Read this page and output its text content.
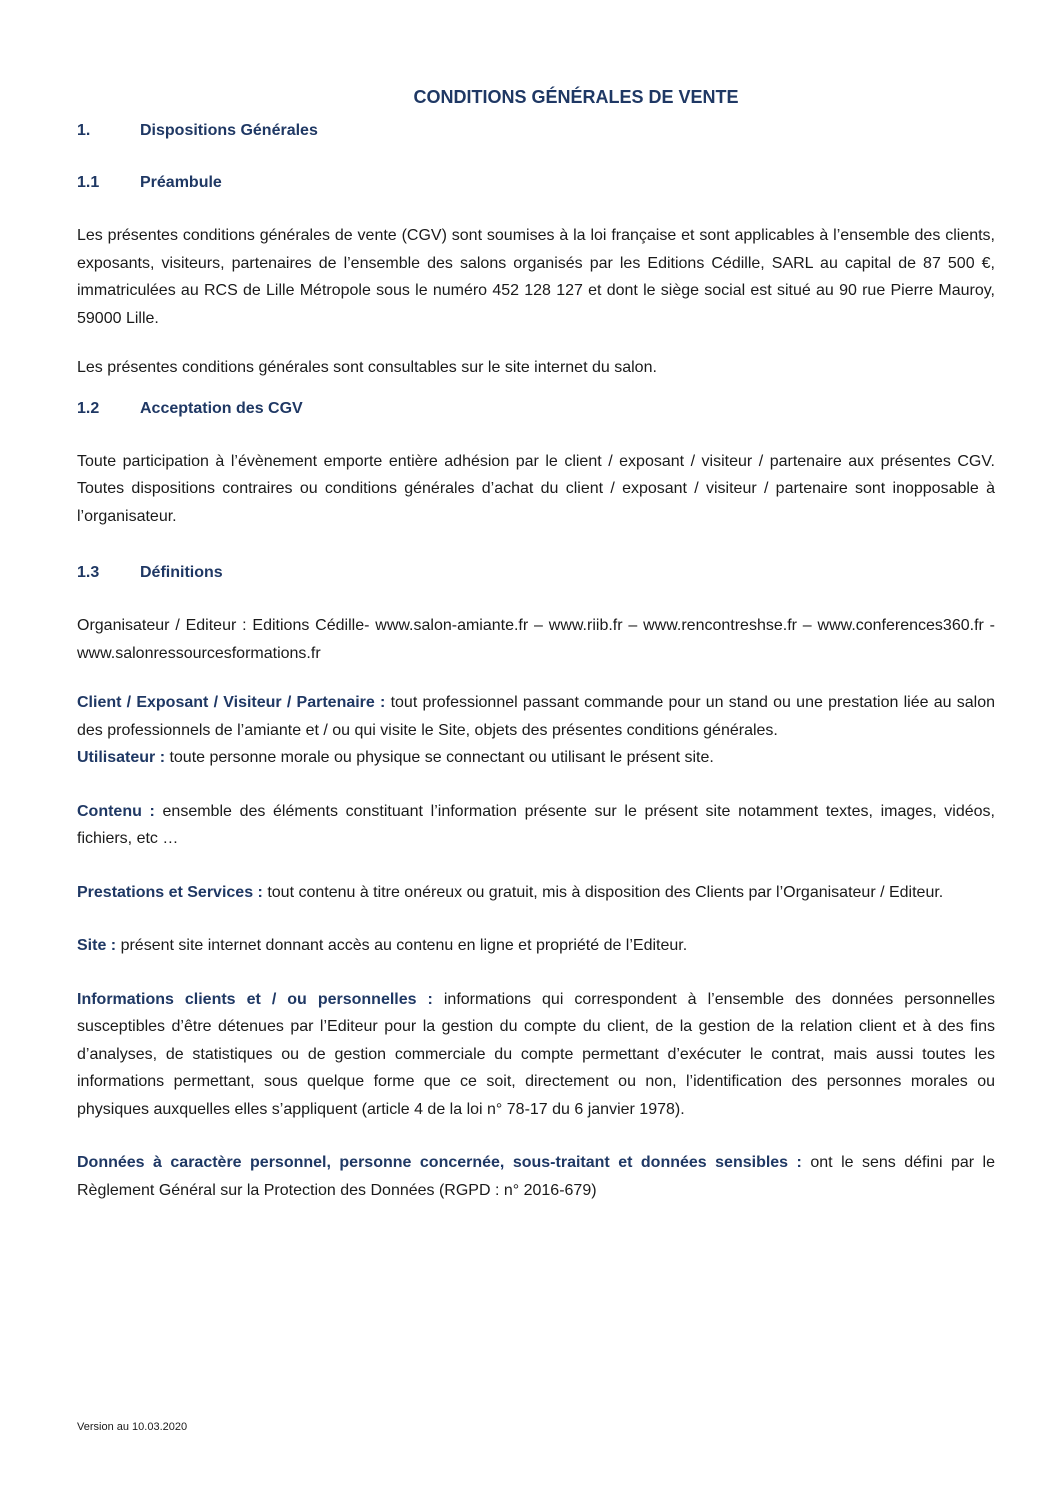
CONDITIONS GÉNÉRALES DE VENTE
1.	Dispositions Générales
1.1	Préambule

Les présentes conditions générales de vente (CGV) sont soumises à la loi française et sont applicables à l’ensemble des clients, exposants, visiteurs, partenaires de l’ensemble des salons organisés par les Editions Cédille, SARL au capital de 87 500 €, immatriculées au RCS de Lille Métropole sous le numéro 452 128 127 et dont le siège social est situé au 90 rue Pierre Mauroy, 59000 Lille.

Les présentes conditions générales sont consultables sur le site internet du salon.

1.2	Acceptation des CGV

Toute participation à l’évènement emporte entière adhésion par le client / exposant / visiteur / partenaire aux présentes CGV. Toutes dispositions contraires ou conditions générales d’achat du client / exposant / visiteur / partenaire sont inopposable à l’organisateur.

1.3	Définitions

Organisateur / Editeur : Editions Cédille- www.salon-amiante.fr – www.riib.fr – www.rencontreshse.fr – www.conferences360.fr - www.salonressourcesformations.fr

Client / Exposant / Visiteur / Partenaire : tout professionnel passant commande pour un stand ou une prestation liée au salon des professionnels de l’amiante et / ou qui visite le Site, objets des présentes conditions générales.

Utilisateur : toute personne morale ou physique se connectant ou utilisant le présent site.

Contenu : ensemble des éléments constituant l’information présente sur le présent site notamment textes, images, vidéos, fichiers, etc …

Prestations et Services : tout contenu à titre onéreux ou gratuit, mis à disposition des Clients par l’Organisateur / Editeur.

Site : présent site internet donnant accès au contenu en ligne et propriété de l’Editeur.

Informations clients et / ou personnelles : informations qui correspondent à l’ensemble des données personnelles susceptibles d’être détenues par l’Editeur pour la gestion du compte du client, de la gestion de la relation client et à des fins d’analyses, de statistiques ou de gestion commerciale du compte permettant d’exécuter le contrat, mais aussi toutes les informations permettant, sous quelque forme que ce soit, directement ou non, l’identification des personnes morales ou physiques auxquelles elles s’appliquent (article 4 de la loi n° 78-17 du 6 janvier 1978).

Données à caractère personnel, personne concernée, sous-traitant et données sensibles : ont le sens défini par le Règlement Général sur la Protection des Données (RGPD : n° 2016-679)

Version au 10.03.2020
